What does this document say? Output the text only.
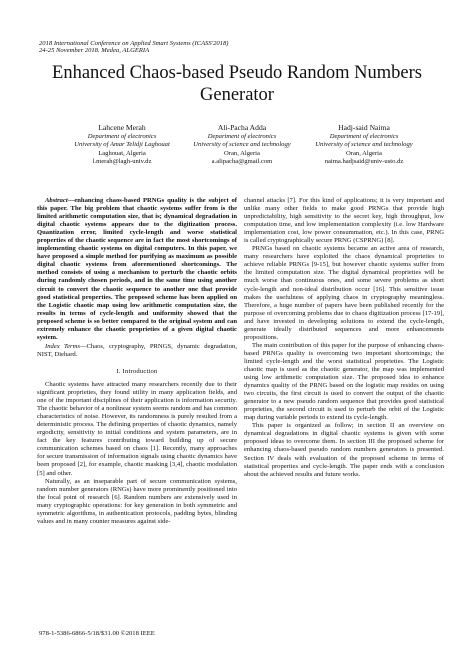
2018 International Conference on Applied Smart Systems (ICASS'2018)
24-25 November 2018. Medea, ALGERIA
Enhanced Chaos-based Pseudo Random Numbers
Generator
Lahcene Merah
Department of electronics
University of Amar Telidji Laghouat
Laghouat, Algeria
l.merah@lagh-univ.dz
Ali-Pacha Adda
Department of electronics
University of science and technology
Oran, Algeria
a.alipacha@gmail.com
Hadj-said Naima
Department of electronics
University of science and technology
Oran, Algeria
naima.hadjsaid@univ-usto.dz

Abstract—enhancing chaos-based PRNGs quality is the subject of this paper. The big problem that chaotic systems suffer from is the limited arithmetic computation size, that is; dynamical degradation in digital chaotic systems appears due to the digitization process. Quantization error, limited cycle-length and worse statistical properties of the chaotic sequence are in fact the most shortcomings of implementing chaotic systems on digital computers. In this paper, we have proposed a simple method for purifying as maximum as possible digital chaotic systems from aforementioned shortcomings. The method consists of using a mechanism to perturb the chaotic orbits during randomly chosen periods, and in the same time using another circuit to convert the chaotic sequence to another one that provide good statistical properties. The proposed scheme has been applied on the Logistic chaotic map using low arithmetic computation size, the results in terms of cycle-length and uniformity showed that the proposed scheme is so better compared to the original system and can extremely enhance the chaotic proprieties of a given digital chaotic system.

Index Terms—Chaos, cryptography, PRNGS, dynamic degradation, NIST, Diehard.

I. Introduction

Chaotic systems have attracted many researchers recently due to their significant proprieties, they found utility in many application fields, and one of the important disciplines of their application is information security. The chaotic behavior of a nonlinear system seems random and has common characteristics of noise. However, its randomness is purely resulted from a deterministic process. The defining properties of chaotic dynamics, namely ergodicity, sensitivity to initial conditions and system parameters, are in fact the key features contributing toward building up of secure communication schemes based on chaos [1]. Recently, many approaches for secure transmission of information signals using chaotic dynamics have been proposed [2], for example, chaotic masking [3,4], chaotic modulation [5] and other.

Naturally, as an inseparable part of secure communication systems, random number generators (RNGs) have more prominently positioned into the focal point of research [6]. Random numbers are extensively used in many cryptographic operations: for key generation in both symmetric and symmetric algorithms, in authentication protocols, padding bytes, blinding values and in many counter measures against side-

channel attacks [7]. For this kind of applications; it is very important and unlike many other fields to make good PRNGs that provide high unpredictability, high sensitivity to the secret key, high throughput, low computation time, and low implementation complexity (i.e. low Hardware implementation cost, low power consummation, etc.). In this case, PRNG is called cryptographically secure PRNG (CSPRNG) [8].

PRNGs based on chaotic systems became an active area of research, many researchers have exploited the chaos dynamical proprieties to achieve reliable PRNGs [9-15], but however chaotic systems suffer from the limited computation size. The digital dynamical proprieties will be much worse than continuous ones, and some severe problems as short cycle-length and non-ideal distribution occur [16]. This sensitive issue makes the usefulness of applying chaos in cryptography meaningless. Therefore, a huge number of papers have been published recently for the purpose of overcoming problems due to chaos digitization process [17-19], and have invested in developing solutions to extend the cycle-length, generate ideally distributed sequences and more enhancements propositions.

The main contribution of this paper for the purpose of enhancing chaos-based PRNGs quality is overcoming two important shortcomings; the limited cycle-length and the worst statistical proprieties. The Logistic chaotic map is used as the chaotic generator, the map was implemented using low arithmetic computation size. The proposed idea to enhance dynamics quality of the PRNG based on the logistic map resides on using two circuits, the first circuit is used to convert the output of the chaotic generator to a new pseudo random sequence that provides good statistical proprieties, the second circuit is used to perturb the orbit of the Logistic map during variable periods to extend its cycle-length.

This paper is organized as follow; in section II an overview on dynamical degradations in digital chaotic systems is given with some proposed ideas to overcome them. In section III the proposed scheme for enhancing chaos-based pseudo random numbers generators is presented. Section IV deals with evaluation of the proposed scheme in terms of statistical properties and cycle-length. The paper ends with a conclusion about the achieved results and future works.

978-1-5386-6866-5/18/$31.00 ©2018 IEEE
